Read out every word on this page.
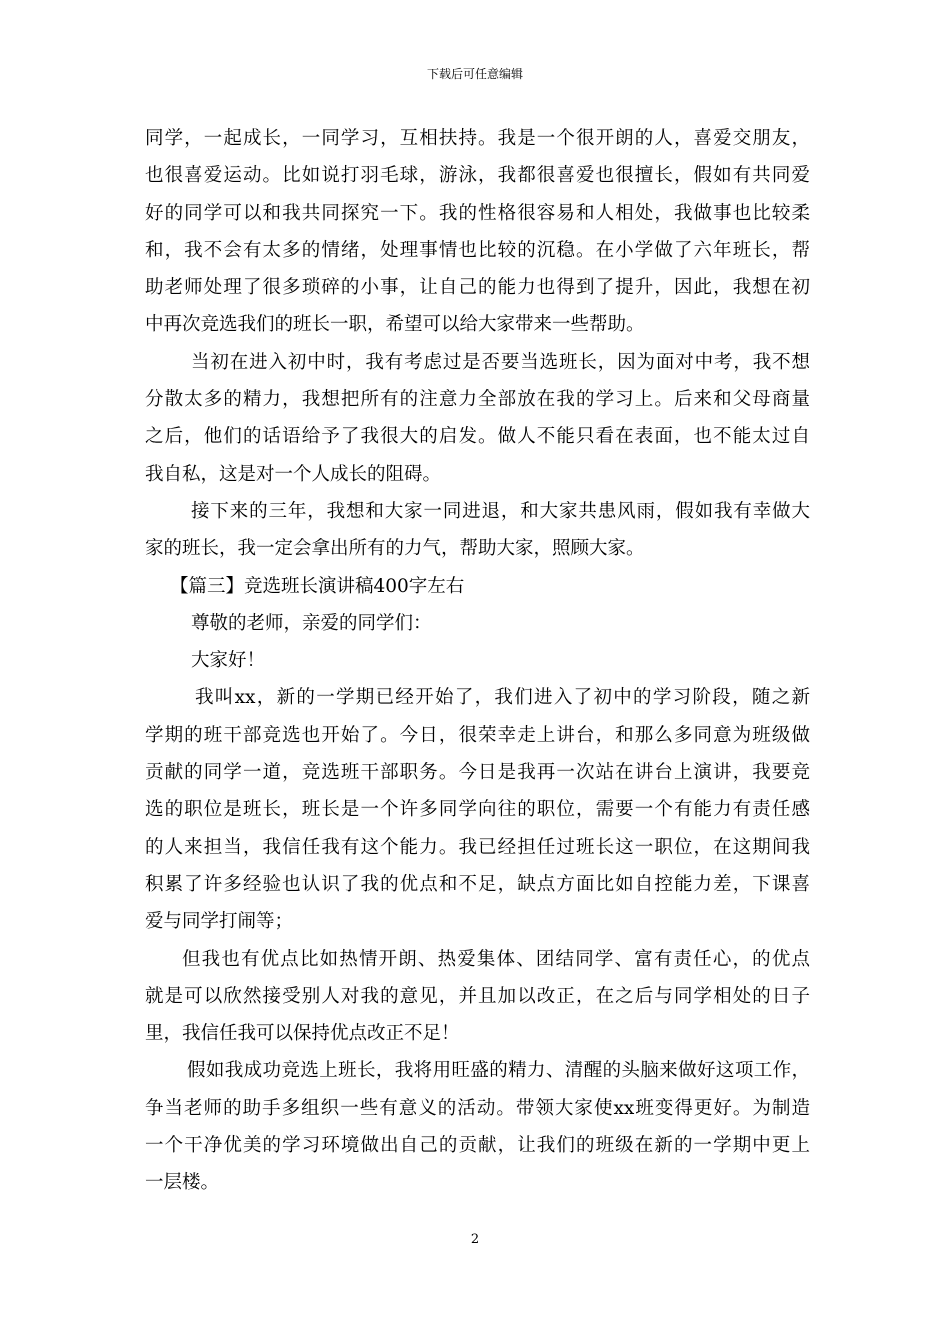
下载后可任意编辑
同学，一起成长，一同学习，互相扶持。我是一个很开朗的人，喜爱交朋友，
也很喜爱运动。比如说打羽毛球，游泳，我都很喜爱也很擅长，假如有共同爱
好的同学可以和我共同探究一下。我的性格很容易和人相处，我做事也比较柔
和，我不会有太多的情绪，处理事情也比较的沉稳。在小学做了六年班长，帮
助老师处理了很多琐碎的小事，让自己的能力也得到了提升，因此，我想在初
中再次竞选我们的班长一职，希望可以给大家带来一些帮助。
当初在进入初中时，我有考虑过是否要当选班长，因为面对中考，我不想
分散太多的精力，我想把所有的注意力全部放在我的学习上。后来和父母商量
之后，他们的话语给予了我很大的启发。做人不能只看在表面，也不能太过自
我自私，这是对一个人成长的阻碍。
接下来的三年，我想和大家一同进退，和大家共患风雨，假如我有幸做大
家的班长，我一定会拿出所有的力气，帮助大家，照顾大家。
【篇三】竞选班长演讲稿400字左右
尊敬的老师，亲爱的同学们：
大家好！
我叫xx，新的一学期已经开始了，我们进入了初中的学习阶段，随之新
学期的班干部竞选也开始了。今日，很荣幸走上讲台，和那么多同意为班级做
贡献的同学一道，竞选班干部职务。今日是我再一次站在讲台上演讲，我要竞
选的职位是班长，班长是一个许多同学向往的职位，需要一个有能力有责任感
的人来担当，我信任我有这个能力。我已经担任过班长这一职位，在这期间我
积累了许多经验也认识了我的优点和不足，缺点方面比如自控能力差，下课喜
爱与同学打闹等；
但我也有优点比如热情开朗、热爱集体、团结同学、富有责任心，的优点
就是可以欣然接受别人对我的意见，并且加以改正，在之后与同学相处的日子
里，我信任我可以保持优点改正不足！
假如我成功竞选上班长，我将用旺盛的精力、清醒的头脑来做好这项工作，
争当老师的助手多组织一些有意义的活动。带领大家使xx班变得更好。为制造
一个干净优美的学习环境做出自己的贡献，让我们的班级在新的一学期中更上
一层楼。
2
